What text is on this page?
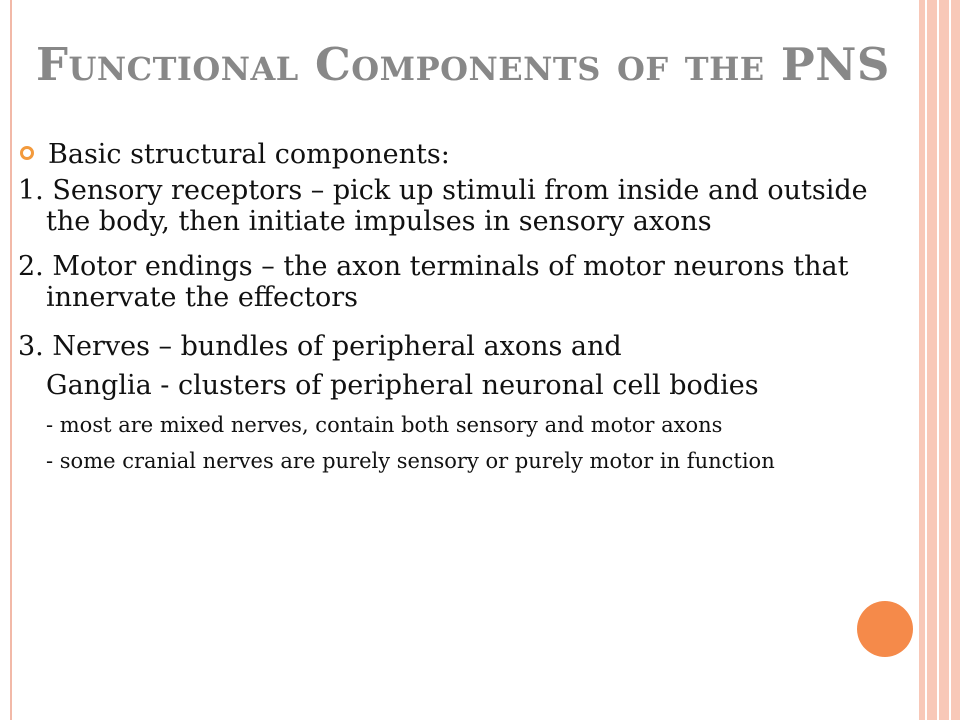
Functional Components of the PNS
Basic structural components:
1. Sensory receptors – pick up stimuli from inside and outside the body, then initiate impulses in sensory axons
2. Motor endings – the axon terminals of motor neurons that innervate the effectors
3. Nerves – bundles of peripheral axons and
Ganglia - clusters of peripheral neuronal cell bodies
- most are mixed nerves, contain both sensory and motor axons
- some cranial nerves are purely sensory or purely motor in function
